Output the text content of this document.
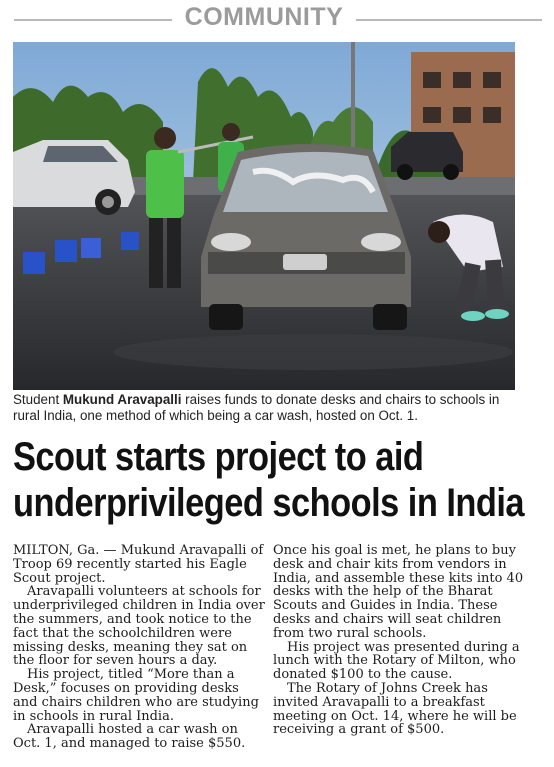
COMMUNITY
Student Mukund Aravapalli raises funds to donate desks and chairs to schools in rural India, one method of which being a car wash, hosted on Oct. 1.
Scout starts project to aid
underprivileged schools in India

MILTON, Ga. — Mukund Aravapalli of Troop 69 recently started his Eagle Scout project.

Aravapalli volunteers at schools for underprivileged children in India over the summers, and took notice to the fact that the schoolchildren were missing desks, meaning they sat on the floor for seven hours a day.

His project, titled “More than a Desk,” focuses on providing desks and chairs children who are studying in schools in rural India.

Aravapalli hosted a car wash on Oct. 1, and managed to raise $550.

Once his goal is met, he plans to buy desk and chair kits from vendors in India, and assemble these kits into 40 desks with the help of the Bharat Scouts and Guides in India. These desks and chairs will seat children from two rural schools.

His project was presented during a lunch with the Rotary of Milton, who donated $100 to the cause.

The Rotary of Johns Creek has invited Aravapalli to a breakfast meeting on Oct. 14, where he will be receiving a grant of $500.
